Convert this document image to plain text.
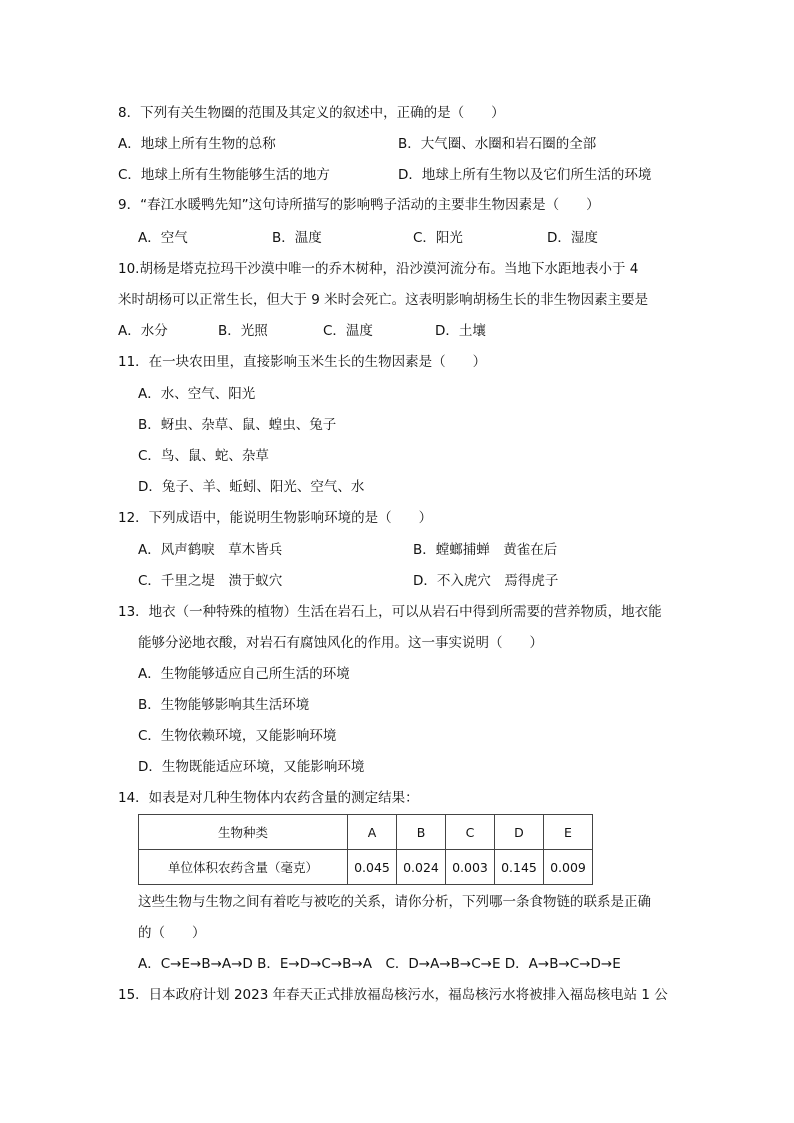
8．下列有关生物圈的范围及其定义的叙述中，正确的是（　　）
A．地球上所有生物的总称	B．大气圈、水圈和岩石圈的全部
C．地球上所有生物能够生活的地方	D．地球上所有生物以及它们所生活的环境
9．“春江水暖鸭先知”这句诗所描写的影响鸭子活动的主要非生物因素是（　　）
A．空气	B．温度	C．阳光	D．湿度
10.胡杨是塔克拉玛干沙漠中唯一的乔木树种，沿沙漠河流分布。当地下水距地表小于 4
米时胡杨可以正常生长，但大于 9 米时会死亡。这表明影响胡杨生长的非生物因素主要是
A．水分	B．光照	C．温度	D．土壤
11．在一块农田里，直接影响玉米生长的生物因素是（　　）
A．水、空气、阳光
B．蚜虫、杂草、鼠、蝗虫、兔子
C．鸟、鼠、蛇、杂草
D．兔子、羊、蚯蚓、阳光、空气、水
12．下列成语中，能说明生物影响环境的是（　　）
A．风声鹤唳　草木皆兵	B．螳螂捕蝉　黄雀在后
C．千里之堤　溃于蚁穴	D．不入虎穴　焉得虎子
13．地衣（一种特殊的植物）生活在岩石上，可以从岩石中得到所需要的营养物质，地衣能
能够分泌地衣酸，对岩石有腐蚀风化的作用。这一事实说明（　　）
A．生物能够适应自己所生活的环境
B．生物能够影响其生活环境
C．生物依赖环境，又能影响环境
D．生物既能适应环境，又能影响环境
14．如表是对几种生物体内农药含量的测定结果：
生物种类	A	B	C	D	E
单位体积农药含量（毫克）	0.045	0.024	0.003	0.145	0.009
这些生物与生物之间有着吃与被吃的关系，请你分析，下列哪一条食物链的联系是正确
的（　　）
A．C→E→B→A→D B．E→D→C→B→A　C．D→A→B→C→E D．A→B→C→D→E
15．日本政府计划 2023 年春天正式排放福岛核污水，福岛核污水将被排入福岛核电站 1 公
